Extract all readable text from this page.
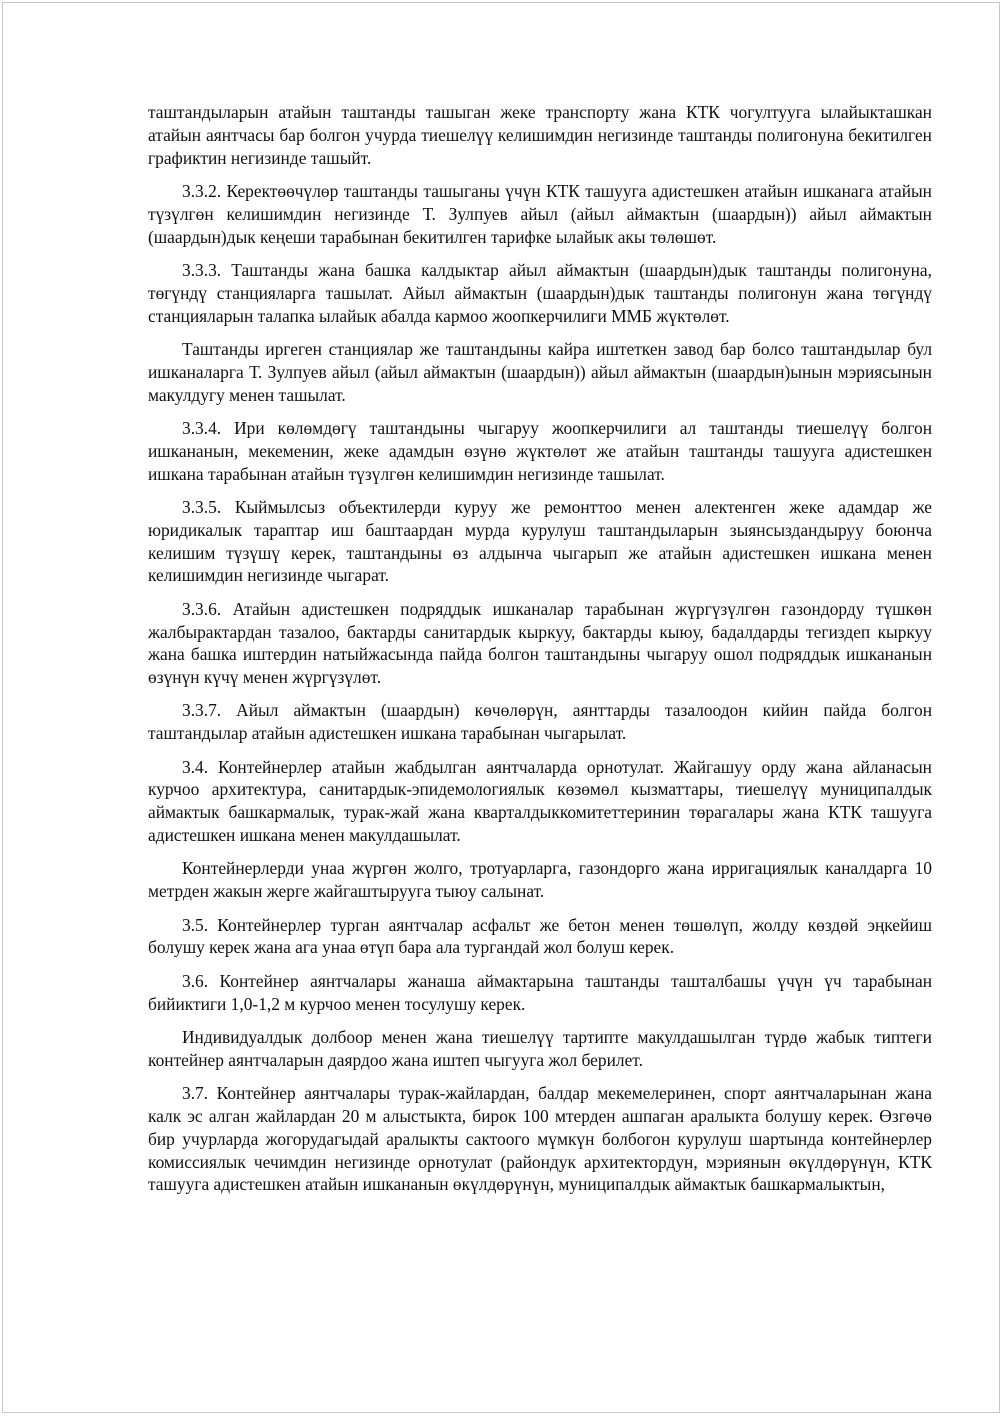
таштандыларын атайын таштанды ташыган жеке транспорту жана КТК чогултууга ылайыкташкан атайын аянтчасы бар болгон учурда тиешелүү келишимдин негизинде таштанды полигонуна бекитилген графиктин негизинде ташыйт.

3.3.2. Керектөөчүлөр таштанды ташыганы үчүн КТК ташууга адистешкен атайын ишканага атайын түзүлгөн келишимдин негизинде Т. Зулпуев айыл (айыл аймактын (шаардын)) айыл аймактын (шаардын)дык кеңеши тарабынан бекитилген тарифке ылайык акы төлөшөт.

3.3.3. Таштанды жана башка калдыктар айыл аймактын (шаардын)дык таштанды полигонуна, төгүндү станцияларга ташылат. Айыл аймактын (шаардын)дык таштанды полигонун жана төгүндү станцияларын талапка ылайык абалда кармоо жоопкерчилиги ММБ жүктөлөт.

Таштанды иргеген станциялар же таштандыны кайра иштеткен завод бар болсо таштандылар бул ишканаларга Т. Зулпуев айыл (айыл аймактын (шаардын)) айыл аймактын (шаардын)ынын мэриясынын макулдугу менен ташылат.

3.3.4. Ири көлөмдөгү таштандыны чыгаруу жоопкерчилиги ал таштанды тиешелүү болгон ишкананын, мекеменин, жеке адамдын өзүнө жүктөлөт же атайын таштанды ташууга адистешкен ишкана тарабынан атайын түзүлгөн келишимдин негизинде ташылат.

3.3.5. Кыймылсыз объектилерди куруу же ремонттоо менен алектенген жеке адамдар же юридикалык тараптар иш баштаардан мурда курулуш таштандыларын зыянсыздандыруу боюнча келишим түзүшү керек, таштандыны өз алдынча чыгарып же атайын адистешкен ишкана менен келишимдин негизинде чыгарат.

3.3.6. Атайын адистешкен подряддык ишканалар тарабынан жүргүзүлгөн газондорду түшкөн жалбырактардан тазалоо, бактарды санитардык кыркуу, бактарды кыюу, бадалдарды тегиздеп кыркуу жана башка иштердин натыйжасында пайда болгон таштандыны чыгаруу ошол подряддык ишкананын өзүнүн күчү менен жүргүзүлөт.

3.3.7. Айыл аймактын (шаардын) көчөлөрүн, аянттарды тазалоодон кийин пайда болгон таштандылар атайын адистешкен ишкана тарабынан чыгарылат.

3.4. Контейнерлер атайын жабдылган аянтчаларда орнотулат. Жайгашуу орду жана айланасын курчоо архитектура, санитардык-эпидемологиялык көзөмөл кызматтары, тиешелүү муниципалдык аймактык башкармалык, турак-жай жана кварталдыккомитеттеринин төрагалары жана КТК ташууга адистешкен ишкана менен макулдашылат.

Контейнерлерди унаа жүргөн жолго, тротуарларга, газондорго жана ирригациялык каналдарга 10 метрден жакын жерге жайгаштырууга тыюу салынат.

3.5. Контейнерлер турган аянтчалар асфальт же бетон менен төшөлүп, жолду көздөй эңкейиш болушу керек жана ага унаа өтүп бара ала тургандай жол болуш керек.

3.6. Контейнер аянтчалары жанаша аймактарына таштанды ташталбашы үчүн үч тарабынан бийиктиги 1,0-1,2 м курчоо менен тосулушу керек.

Индивидуалдык долбоор менен жана тиешелүү тартипте макулдашылган түрдө жабык типтеги контейнер аянтчаларын даярдоо жана иштеп чыгууга жол берилет.

3.7. Контейнер аянтчалары турак-жайлардан, балдар мекемелеринен, спорт аянтчаларынан жана калк эс алган жайлардан 20 м алыстыкта, бирок 100 мтерден ашпаган аралыкта болушу керек. Өзгөчө бир учурларда жогорудагыдай аралыкты сактоого мүмкүн болбогон курулуш шартында контейнерлер комиссиялык чечимдин негизинде орнотулат (райондук архитектордун, мэриянын өкүлдөрүнүн, КТК ташууга адистешкен атайын ишкананын өкүлдөрүнүн, муниципалдык аймактык башкармалыктын,
